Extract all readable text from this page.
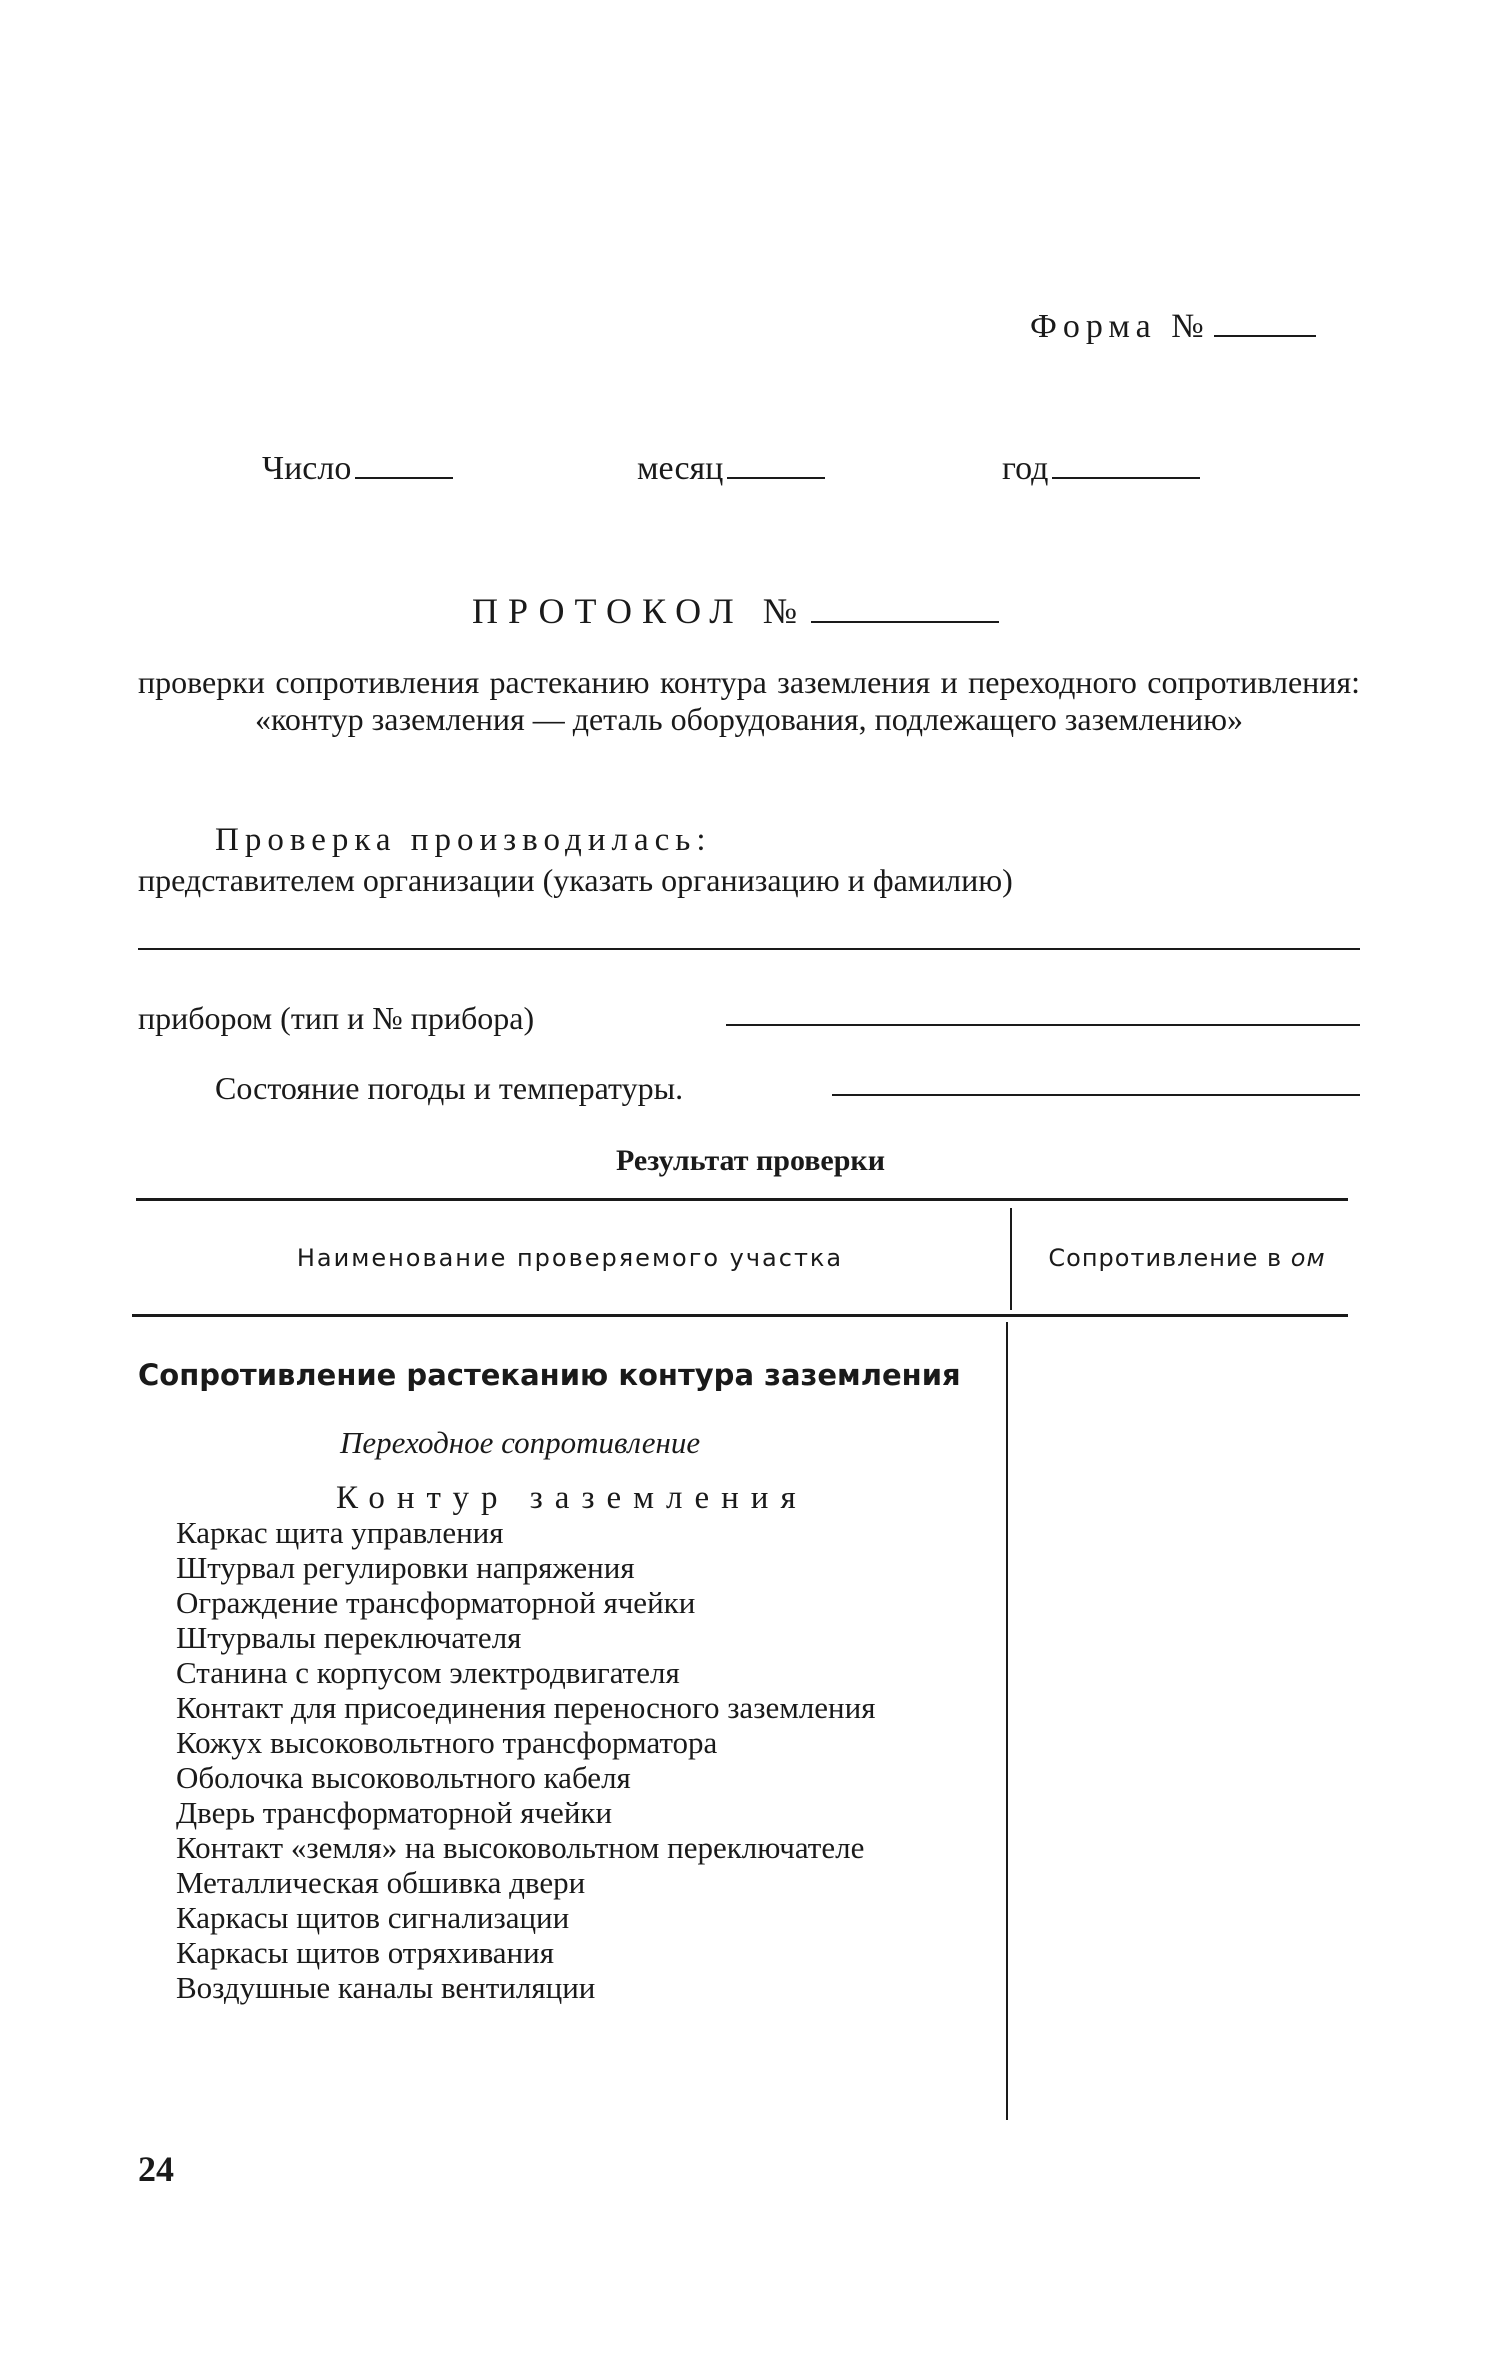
Форма №
Число	месяц	год
ПРОТОКОЛ №
проверки сопротивления растеканию контура заземления и переходного сопротивления: «контур заземления — деталь оборудования, подлежащего заземлению»
Проверка производилась:
представителем организации (указать организацию и фамилию)
прибором (тип и № прибора)
Состояние погоды и температуры.
Результат проверки
Наименование проверяемого участка	Сопротивление в ом
Сопротивление растеканию контура заземления
Переходное сопротивление
Контур заземления
Каркас щита управления
Штурвал регулировки напряжения
Ограждение трансформаторной ячейки
Штурвалы переключателя
Станина с корпусом электродвигателя
Контакт для присоединения переносного заземления
Кожух высоковольтного трансформатора
Оболочка высоковольтного кабеля
Дверь трансформаторной ячейки
Контакт «земля» на высоковольтном переключателе
Металлическая обшивка двери
Каркасы щитов сигнализации
Каркасы щитов отряхивания
Воздушные каналы вентиляции
24
